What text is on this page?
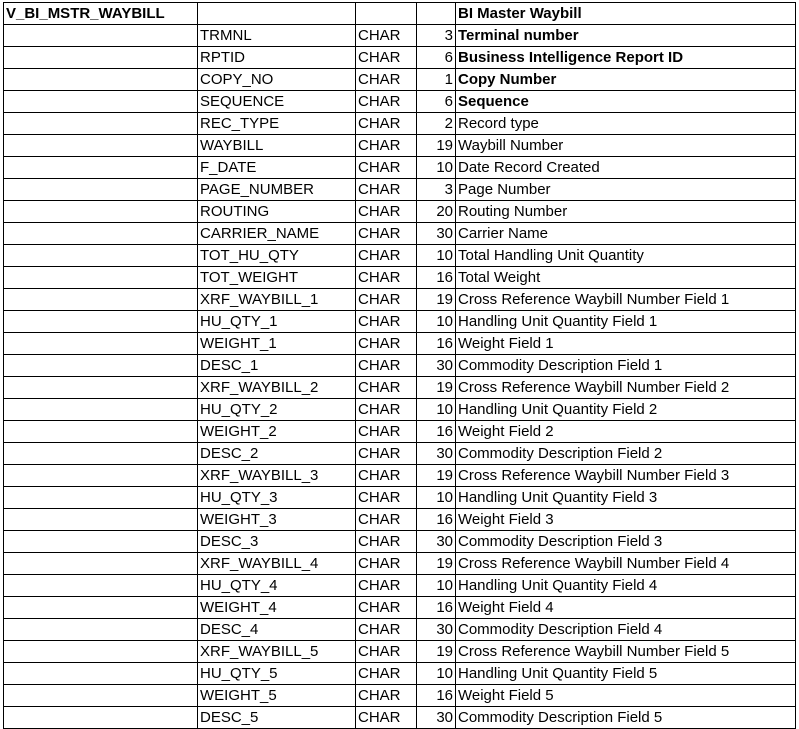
V_BI_MSTR_WAYBILL				BI Master Waybill
	TRMNL	CHAR	3	Terminal number
	RPTID	CHAR	6	Business Intelligence Report ID
	COPY_NO	CHAR	1	Copy Number
	SEQUENCE	CHAR	6	Sequence
	REC_TYPE	CHAR	2	Record type
	WAYBILL	CHAR	19	Waybill Number
	F_DATE	CHAR	10	Date Record Created
	PAGE_NUMBER	CHAR	3	Page Number
	ROUTING	CHAR	20	Routing Number
	CARRIER_NAME	CHAR	30	Carrier Name
	TOT_HU_QTY	CHAR	10	Total Handling Unit Quantity
	TOT_WEIGHT	CHAR	16	Total Weight
	XRF_WAYBILL_1	CHAR	19	Cross Reference Waybill Number Field 1
	HU_QTY_1	CHAR	10	Handling Unit Quantity Field 1
	WEIGHT_1	CHAR	16	Weight Field 1
	DESC_1	CHAR	30	Commodity Description Field 1
	XRF_WAYBILL_2	CHAR	19	Cross Reference Waybill Number Field 2
	HU_QTY_2	CHAR	10	Handling Unit Quantity Field 2
	WEIGHT_2	CHAR	16	Weight Field 2
	DESC_2	CHAR	30	Commodity Description Field 2
	XRF_WAYBILL_3	CHAR	19	Cross Reference Waybill Number Field 3
	HU_QTY_3	CHAR	10	Handling Unit Quantity Field 3
	WEIGHT_3	CHAR	16	Weight Field 3
	DESC_3	CHAR	30	Commodity Description Field 3
	XRF_WAYBILL_4	CHAR	19	Cross Reference Waybill Number Field 4
	HU_QTY_4	CHAR	10	Handling Unit Quantity Field 4
	WEIGHT_4	CHAR	16	Weight Field 4
	DESC_4	CHAR	30	Commodity Description Field 4
	XRF_WAYBILL_5	CHAR	19	Cross Reference Waybill Number Field 5
	HU_QTY_5	CHAR	10	Handling Unit Quantity Field 5
	WEIGHT_5	CHAR	16	Weight Field 5
	DESC_5	CHAR	30	Commodity Description Field 5
